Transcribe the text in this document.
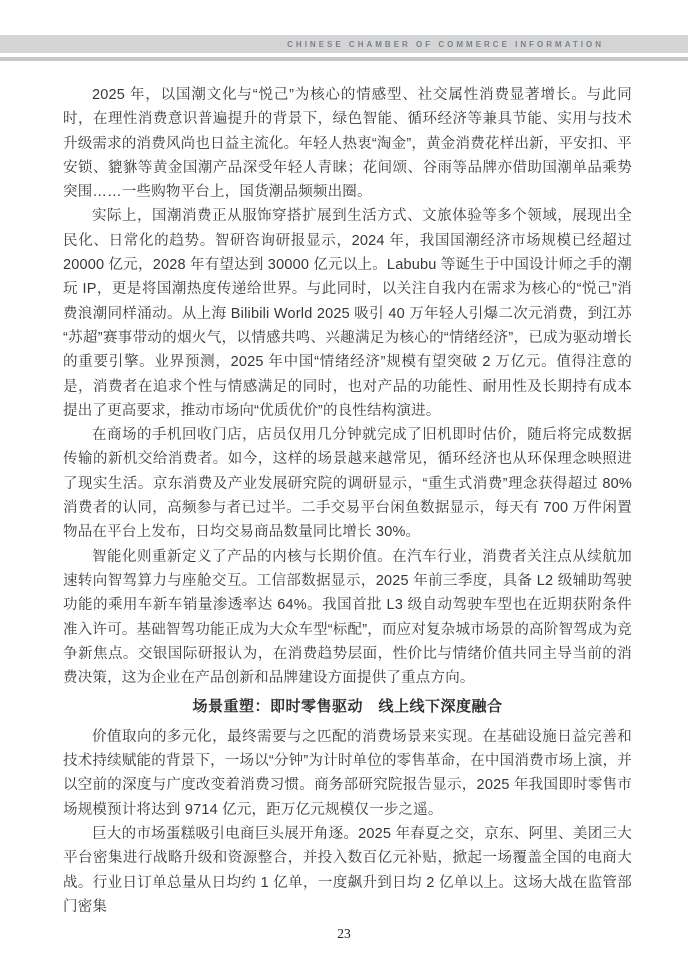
CHINESE CHAMBER OF COMMERCE INFORMATION

2025 年，以国潮文化与“悦己”为核心的情感型、社交属性消费显著增长。与此同时，在理性消费意识普遍提升的背景下，绿色智能、循环经济等兼具节能、实用与技术升级需求的消费风尚也日益主流化。年轻人热衷“淘金”，黄金消费花样出新，平安扣、平安锁、貔貅等黄金国潮产品深受年轻人青睐；花间颂、谷雨等品牌亦借助国潮单品乘势突围……一些购物平台上，国货潮品频频出圈。

实际上，国潮消费正从服饰穿搭扩展到生活方式、文旅体验等多个领域，展现出全民化、日常化的趋势。智研咨询研报显示，2024 年，我国国潮经济市场规模已经超过 20000 亿元，2028 年有望达到 30000 亿元以上。Labubu 等诞生于中国设计师之手的潮玩 IP，更是将国潮热度传递给世界。与此同时，以关注自我内在需求为核心的“悦己”消费浪潮同样涌动。从上海 Bilibili World 2025 吸引 40 万年轻人引爆二次元消费，到江苏“苏超”赛事带动的烟火气，以情感共鸣、兴趣满足为核心的“情绪经济”，已成为驱动增长的重要引擎。业界预测，2025 年中国“情绪经济”规模有望突破 2 万亿元。值得注意的是，消费者在追求个性与情感满足的同时，也对产品的功能性、耐用性及长期持有成本提出了更高要求，推动市场向“优质优价”的良性结构演进。

在商场的手机回收门店，店员仅用几分钟就完成了旧机即时估价，随后将完成数据传输的新机交给消费者。如今，这样的场景越来越常见，循环经济也从环保理念映照进了现实生活。京东消费及产业发展研究院的调研显示，“重生式消费”理念获得超过 80% 消费者的认同，高频参与者已过半。二手交易平台闲鱼数据显示，每天有 700 万件闲置物品在平台上发布，日均交易商品数量同比增长 30%。

智能化则重新定义了产品的内核与长期价值。在汽车行业，消费者关注点从续航加速转向智驾算力与座舱交互。工信部数据显示，2025 年前三季度，具备 L2 级辅助驾驶功能的乘用车新车销量渗透率达 64%。我国首批 L3 级自动驾驶车型也在近期获附条件准入许可。基础智驾功能正成为大众车型“标配”，而应对复杂城市场景的高阶智驾成为竞争新焦点。交银国际研报认为，在消费趋势层面，性价比与情绪价值共同主导当前的消费决策，这为企业在产品创新和品牌建设方面提供了重点方向。

场景重塑：即时零售驱动　线上线下深度融合

价值取向的多元化，最终需要与之匹配的消费场景来实现。在基础设施日益完善和技术持续赋能的背景下，一场以“分钟”为计时单位的零售革命，在中国消费市场上演，并以空前的深度与广度改变着消费习惯。商务部研究院报告显示，2025 年我国即时零售市场规模预计将达到 9714 亿元，距万亿元规模仅一步之遥。

巨大的市场蛋糕吸引电商巨头展开角逐。2025 年春夏之交，京东、阿里、美团三大平台密集进行战略升级和资源整合，并投入数百亿元补贴，掀起一场覆盖全国的电商大战。行业日订单总量从日均约 1 亿单，一度飙升到日均 2 亿单以上。这场大战在监管部门密集

23
